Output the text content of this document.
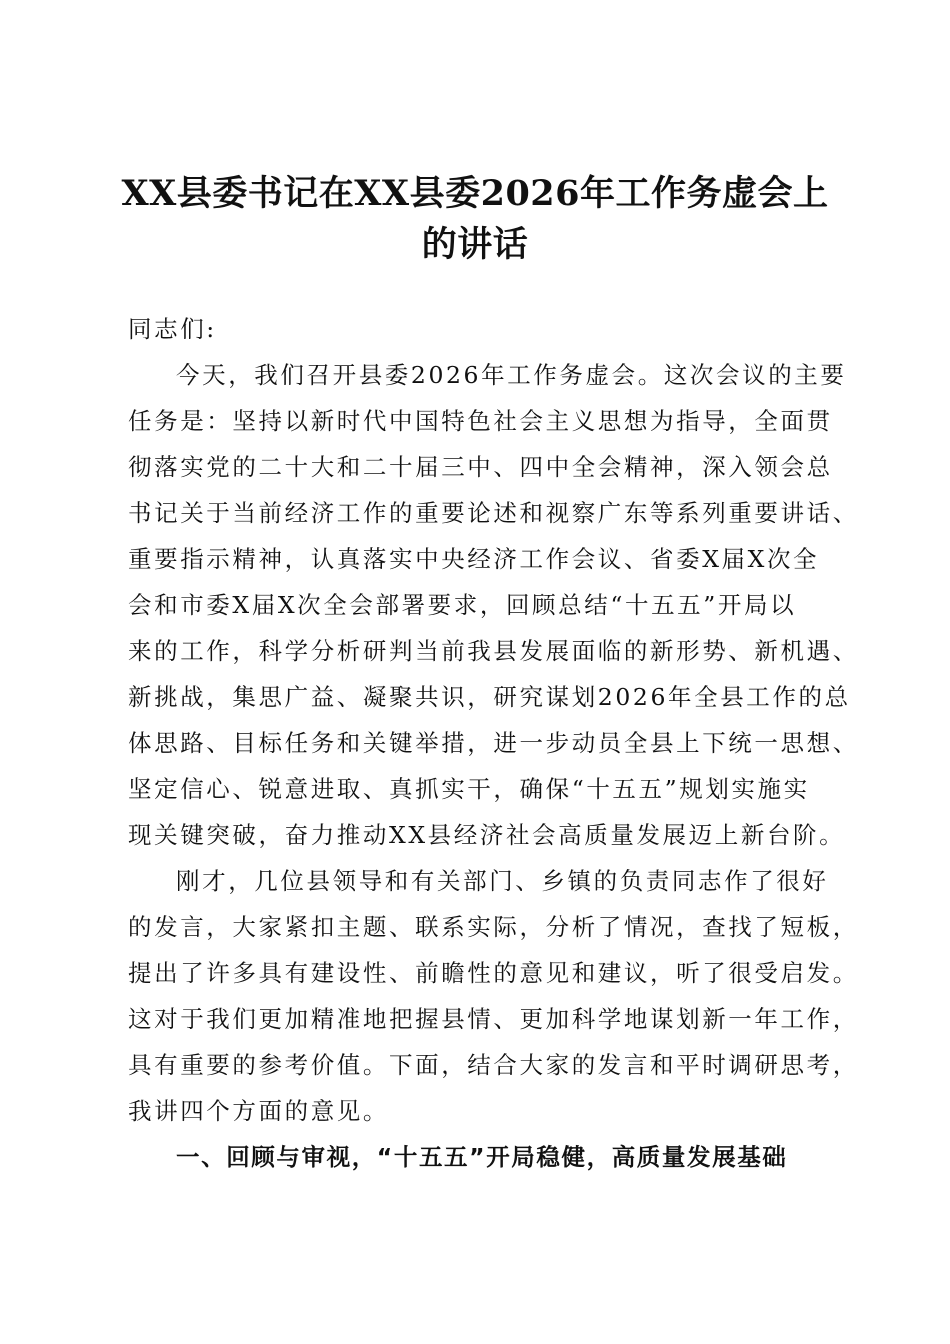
XX县委书记在XX县委2026年工作务虚会上
的讲话
同志们:
今天，我们召开县委2026年工作务虚会。这次会议的主要
任务是：坚持以新时代中国特色社会主义思想为指导，全面贯
彻落实党的二十大和二十届三中、四中全会精神，深入领会总
书记关于当前经济工作的重要论述和视察广东等系列重要讲话、
重要指示精神，认真落实中央经济工作会议、省委X届X次全
会和市委X届X次全会部署要求，回顾总结“十五五”开局以
来的工作，科学分析研判当前我县发展面临的新形势、新机遇、
新挑战，集思广益、凝聚共识，研究谋划2026年全县工作的总
体思路、目标任务和关键举措，进一步动员全县上下统一思想、
坚定信心、锐意进取、真抓实干，确保“十五五”规划实施实
现关键突破，奋力推动XX县经济社会高质量发展迈上新台阶。
刚才，几位县领导和有关部门、乡镇的负责同志作了很好
的发言，大家紧扣主题、联系实际，分析了情况，查找了短板，
提出了许多具有建设性、前瞻性的意见和建议，听了很受启发。
这对于我们更加精准地把握县情、更加科学地谋划新一年工作，
具有重要的参考价值。下面，结合大家的发言和平时调研思考，
我讲四个方面的意见。
一、回顾与审视，“十五五”开局稳健，高质量发展基础
